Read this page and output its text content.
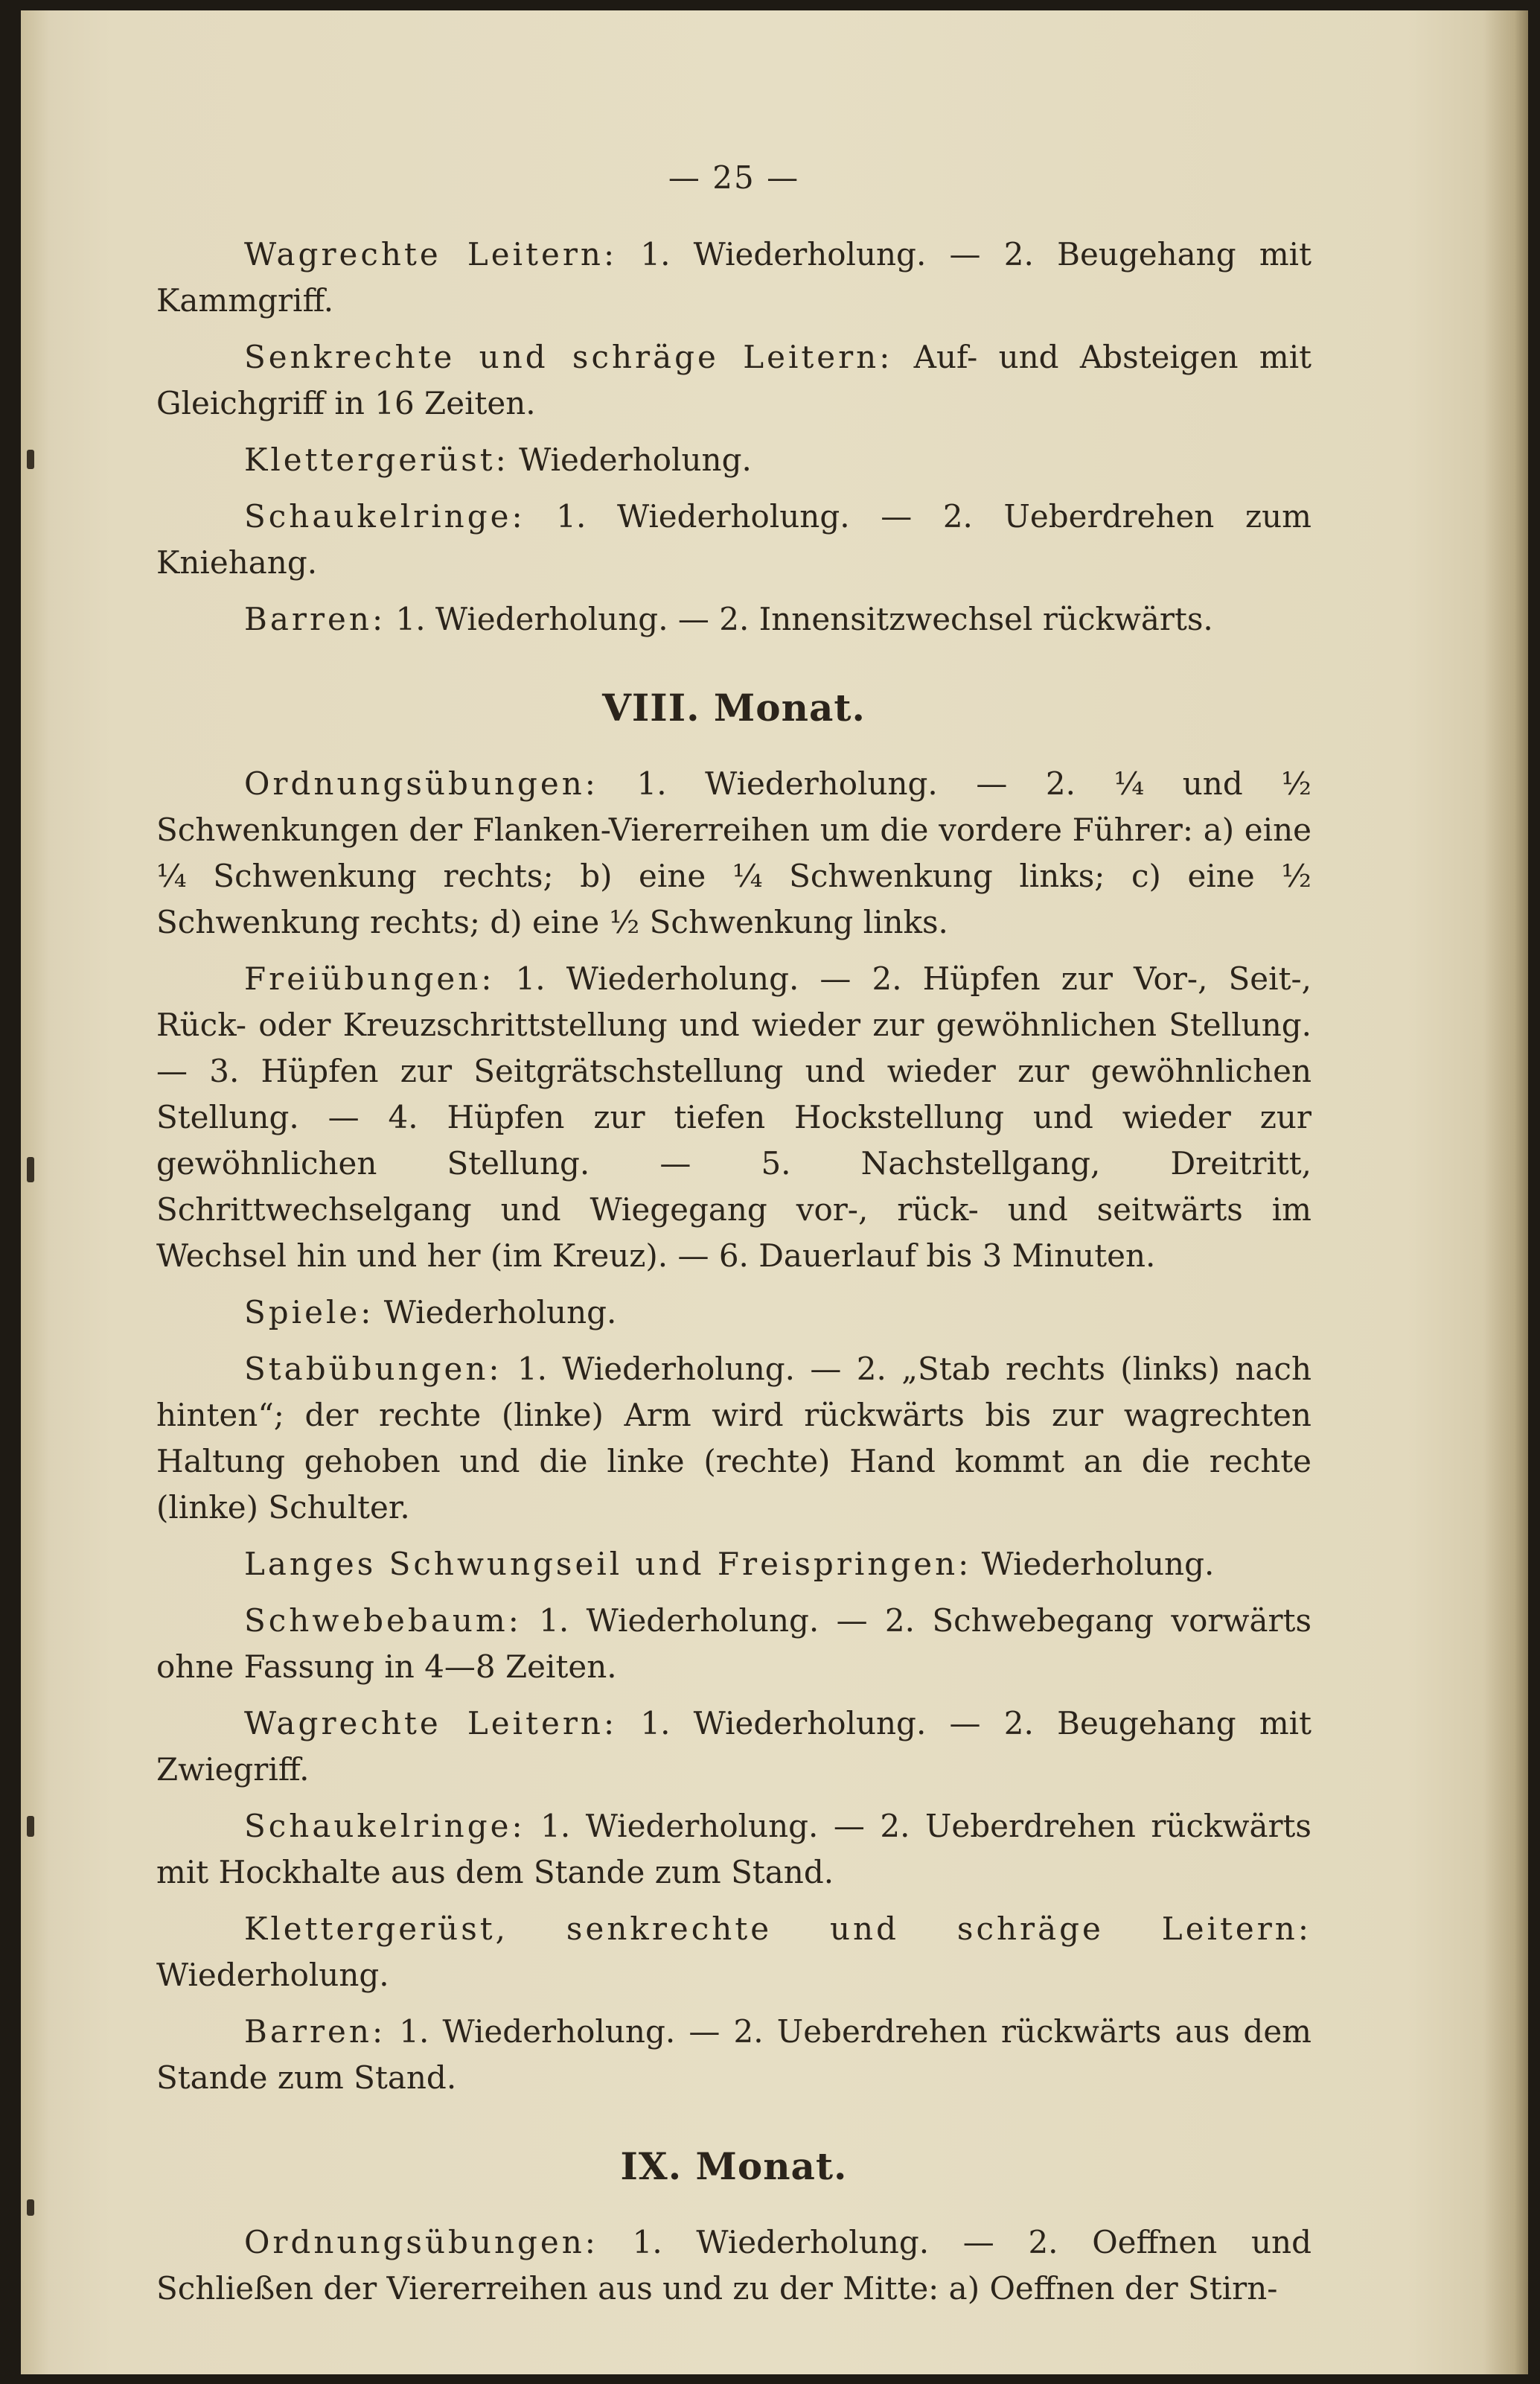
— 25 —

Wagrechte Leitern: 1. Wiederholung. — 2. Beugehang mit Kammgriff.

Senkrechte und schräge Leitern: Auf- und Absteigen mit Gleichgriff in 16 Zeiten.

Klettergerüst: Wiederholung.

Schaukelringe: 1. Wiederholung. — 2. Ueberdrehen zum Kniehang.

Barren: 1. Wiederholung. — 2. Innensitzwechsel rückwärts.

VIII. Monat.

Ordnungsübungen: 1. Wiederholung. — 2. ¼ und ½ Schwenkungen der Flanken-Viererreihen um die vordere Führer: a) eine ¼ Schwenkung rechts; b) eine ¼ Schwenkung links; c) eine ½ Schwenkung rechts; d) eine ½ Schwenkung links.

Freiübungen: 1. Wiederholung. — 2. Hüpfen zur Vor-, Seit-, Rück- oder Kreuzschrittstellung und wieder zur gewöhnlichen Stellung. — 3. Hüpfen zur Seitgrätschstellung und wieder zur gewöhnlichen Stellung. — 4. Hüpfen zur tiefen Hockstellung und wieder zur gewöhnlichen Stellung. — 5. Nachstellgang, Dreitritt, Schrittwechselgang und Wiegegang vor-, rück- und seitwärts im Wechsel hin und her (im Kreuz). — 6. Dauerlauf bis 3 Minuten.

Spiele: Wiederholung.

Stabübungen: 1. Wiederholung. — 2. „Stab rechts (links) nach hinten“; der rechte (linke) Arm wird rückwärts bis zur wagrechten Haltung gehoben und die linke (rechte) Hand kommt an die rechte (linke) Schulter.

Langes Schwungseil und Freispringen: Wiederholung.

Schwebebaum: 1. Wiederholung. — 2. Schwebegang vorwärts ohne Fassung in 4—8 Zeiten.

Wagrechte Leitern: 1. Wiederholung. — 2. Beugehang mit Zwiegriff.

Schaukelringe: 1. Wiederholung. — 2. Ueberdrehen rückwärts mit Hockhalte aus dem Stande zum Stand.

Klettergerüst, senkrechte und schräge Leitern: Wiederholung.

Barren: 1. Wiederholung. — 2. Ueberdrehen rückwärts aus dem Stande zum Stand.

IX. Monat.

Ordnungsübungen: 1. Wiederholung. — 2. Oeffnen und Schließen der Viererreihen aus und zu der Mitte: a) Oeffnen der Stirn-
